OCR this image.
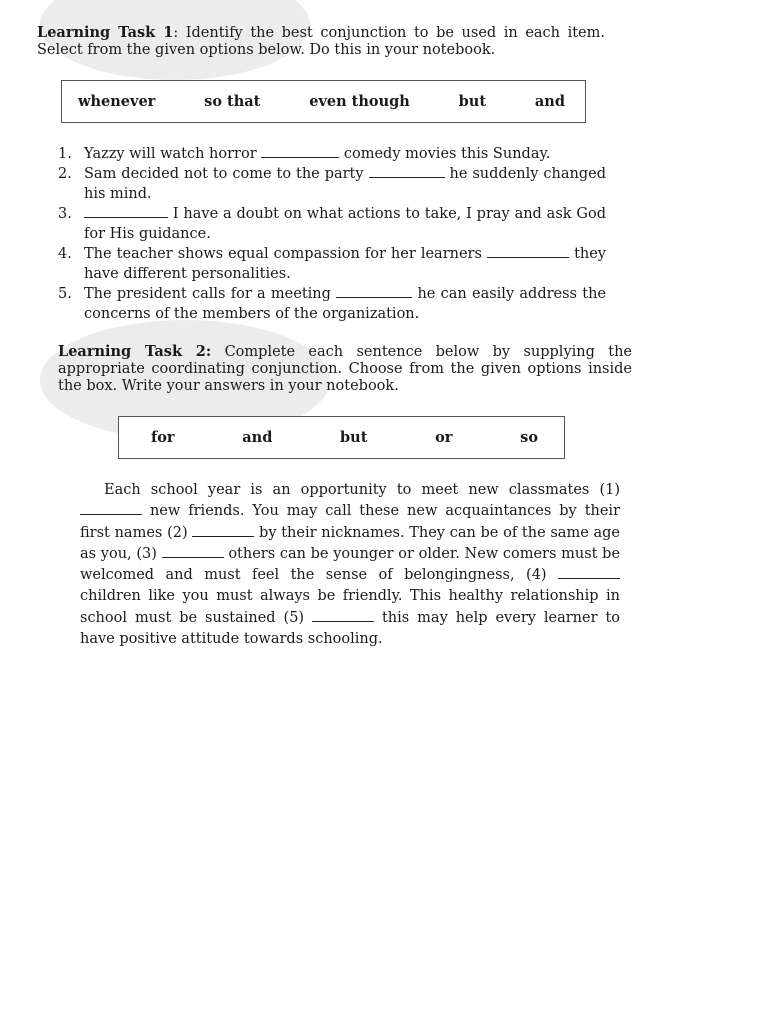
Learning Task 1: Identify the best conjunction to be used in each item. Select from the given options below. Do this in your notebook.
whenever	so that	even though	but	and
1. Yazzy will watch horror	comedy movies this Sunday.
2. Sam decided not to come to the party	he suddenly changed his mind.
3.	I have a doubt on what actions to take, I pray and ask God for His guidance.
4. The teacher shows equal compassion for her learners	they have different personalities.
5. The president calls for a meeting	he can easily address the concerns of the members of the organization.
Learning Task 2: Complete each sentence below by supplying the appropriate coordinating conjunction. Choose from the given options inside the box. Write your answers in your notebook.
for	and	but	or	so
Each school year is an opportunity to meet new classmates (1)  new friends. You may call these new acquaintances by their first names (2)	by their nicknames. They can be of the same age as you, (3)	others can be younger or older. New comers must be welcomed and must feel the sense of belongingness, (4)  children like you must always be friendly. This healthy relationship in school must be sustained (5)	this may help every learner to have positive attitude towards schooling.
